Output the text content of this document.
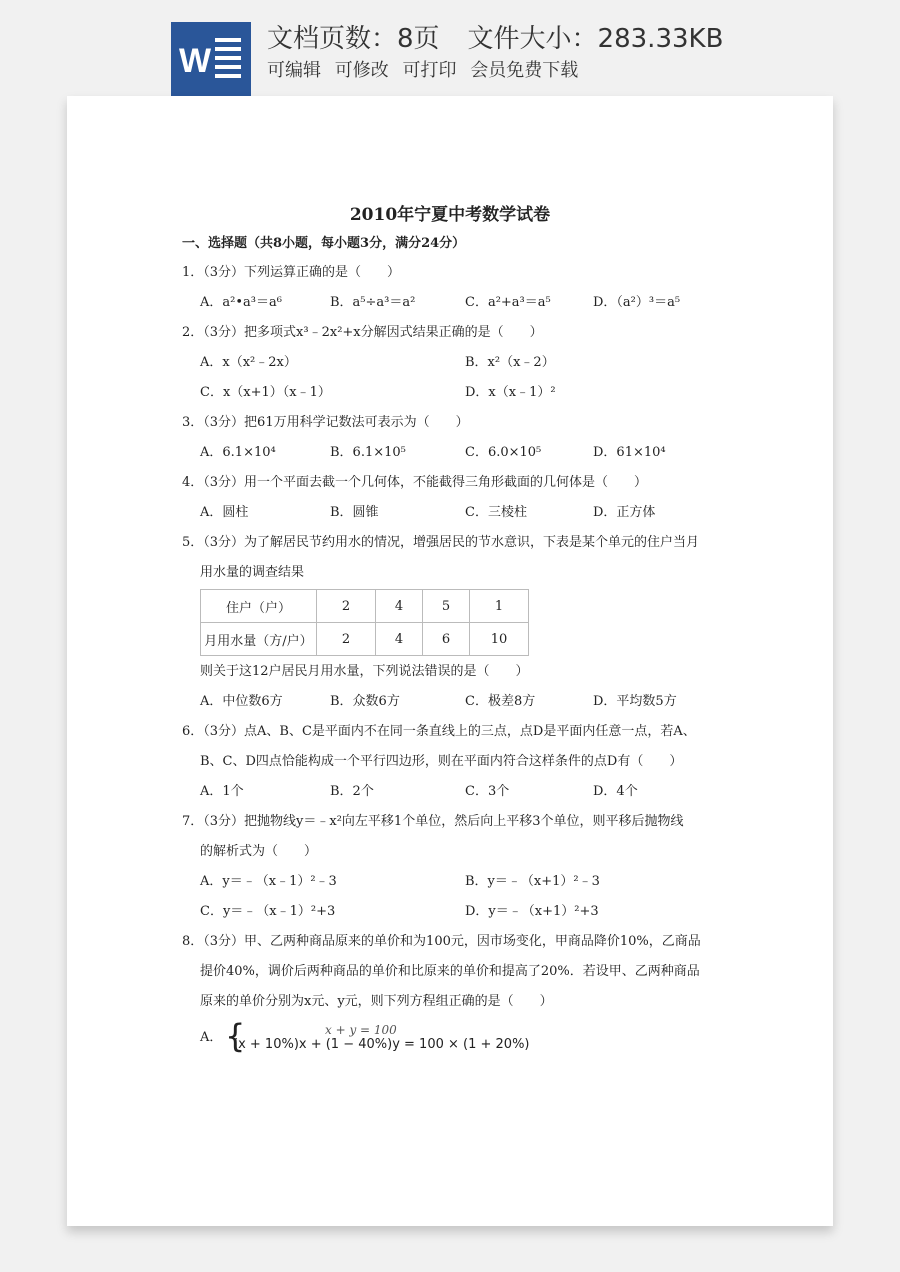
W
文档页数：8页 文件大小：283.33KB
可编辑 可修改 可打印 会员免费下载
2010年宁夏中考数学试卷
一、选择题（共8小题，每小题3分，满分24分）
1．（3分）下列运算正确的是（　　）
A．a²•a³＝a⁶	B．a⁵÷a³＝a²	C．a²+a³＝a⁵	D．（a²）³＝a⁵
2．（3分）把多项式x³﹣2x²+x分解因式结果正确的是（　　）
A．x（x²﹣2x）	B．x²（x﹣2）
C．x（x+1）（x﹣1）	D．x（x﹣1）²
3．（3分）把61万用科学记数法可表示为（　　）
A．6.1×10⁴	B．6.1×10⁵	C．6.0×10⁵	D．61×10⁴
4．（3分）用一个平面去截一个几何体，不能截得三角形截面的几何体是（　　）
A．圆柱	B．圆锥	C．三棱柱	D．正方体
5．（3分）为了解居民节约用水的情况，增强居民的节水意识，下表是某个单元的住户当月
用水量的调查结果
住户（户）	2	4	5	1
月用水量（方/户）	2	4	6	10
则关于这12户居民月用水量，下列说法错误的是（　　）
A．中位数6方	B．众数6方	C．极差8方	D．平均数5方
6．（3分）点A、B、C是平面内不在同一条直线上的三点，点D是平面内任意一点，若A、
B、C、D四点恰能构成一个平行四边形，则在平面内符合这样条件的点D有（　　）
A．1个	B．2个	C．3个	D．4个
7．（3分）把抛物线y＝﹣x²向左平移1个单位，然后向上平移3个单位，则平移后抛物线
的解析式为（　　）
A．y＝﹣（x﹣1）²﹣3	B．y＝﹣（x+1）²﹣3
C．y＝﹣（x﹣1）²+3	D．y＝﹣（x+1）²+3
8．（3分）甲、乙两种商品原来的单价和为100元，因市场变化，甲商品降价10%，乙商品
提价40%，调价后两种商品的单价和比原来的单价和提高了20%．若设甲、乙两种商品
原来的单价分别为x元、y元，则下列方程组正确的是（　　）
A． {	x + y = 100
(x + 10%)x + (1 − 40%)y = 100 × (1 + 20%)
